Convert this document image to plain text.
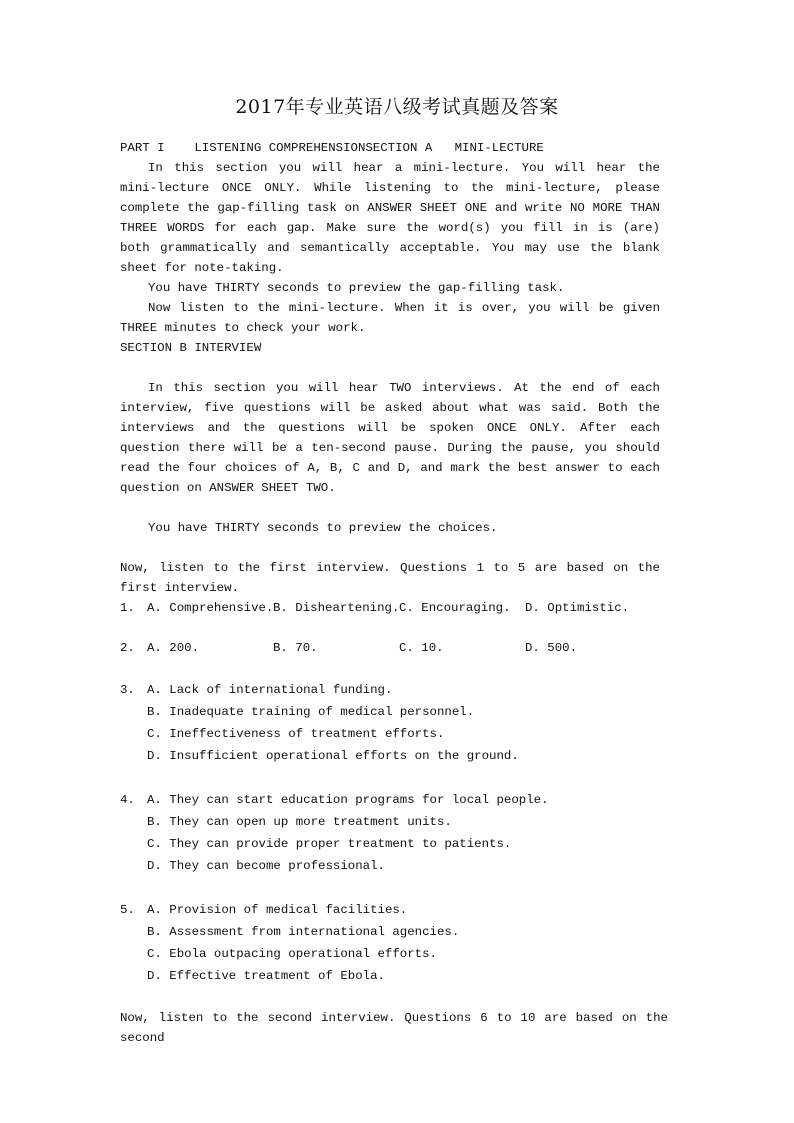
2017年专业英语八级考试真题及答案

PART I    LISTENING COMPREHENSIONSECTION A   MINI-LECTURE

In this section you will hear a mini-lecture. You will hear the mini-lecture ONCE ONLY. While listening to the mini-lecture, please complete the gap-filling task on ANSWER SHEET ONE and write NO MORE THAN THREE WORDS for each gap. Make sure the word(s) you fill in is (are) both grammatically and semantically acceptable. You may use the blank sheet for note-taking.

You have THIRTY seconds to preview the gap-filling task.

Now listen to the mini-lecture. When it is over, you will be given THREE minutes to check your work.

SECTION B INTERVIEW

In this section you will hear TWO interviews. At the end of each interview, five questions will be asked about what was said. Both the interviews and the questions will be spoken ONCE ONLY. After each question there will be a ten-second pause. During the pause, you should read the four choices of A, B, C and D, and mark the best answer to each question on ANSWER SHEET TWO.

You have THIRTY seconds to preview the choices.

Now, listen to the first interview. Questions 1 to 5 are based on the first interview.

1. A. Comprehensive. B. Disheartening. C. Encouraging. D. Optimistic.
2. A. 200.	B. 70.	C. 10.	D. 500.
3. A. Lack of international funding.
B. Inadequate training of medical personnel.
C. Ineffectiveness of treatment efforts.
D. Insufficient operational efforts on the ground.
4. A. They can start education programs for local people.
B. They can open up more treatment units.
C. They can provide proper treatment to patients.
D. They can become professional.
5. A. Provision of medical facilities.
B. Assessment from international agencies.
C. Ebola outpacing operational efforts.
D. Effective treatment of Ebola.
Now, listen to the second interview. Questions 6 to 10 are based on the second
